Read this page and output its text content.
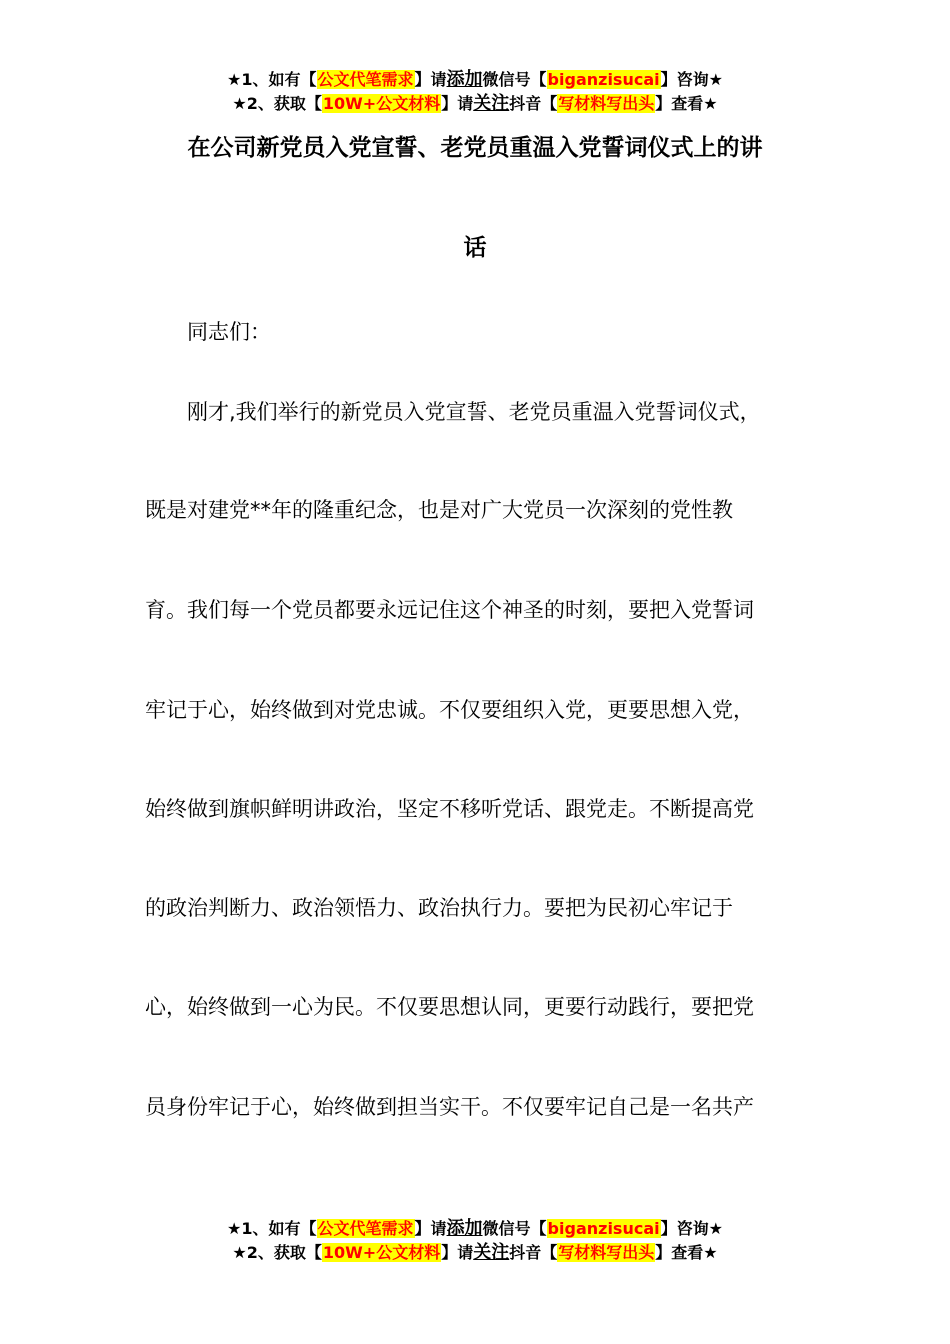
★1、如有【公文代笔需求】请添加微信号【biganzisucai】咨询★
★2、获取【10W+公文材料】请关注抖音【写材料写出头】查看★
在公司新党员入党宣誓、老党员重温入党誓词仪式上的讲
话
同志们：
刚才,我们举行的新党员入党宣誓、老党员重温入党誓词仪式，
既是对建党**年的隆重纪念，也是对广大党员一次深刻的党性教
育。我们每一个党员都要永远记住这个神圣的时刻，要把入党誓词
牢记于心，始终做到对党忠诚。不仅要组织入党，更要思想入党，
始终做到旗帜鲜明讲政治，坚定不移听党话、跟党走。不断提高党
的政治判断力、政治领悟力、政治执行力。要把为民初心牢记于
心，始终做到一心为民。不仅要思想认同，更要行动践行，要把党
员身份牢记于心，始终做到担当实干。不仅要牢记自己是一名共产
★1、如有【公文代笔需求】请添加微信号【biganzisucai】咨询★
★2、获取【10W+公文材料】请关注抖音【写材料写出头】查看★
